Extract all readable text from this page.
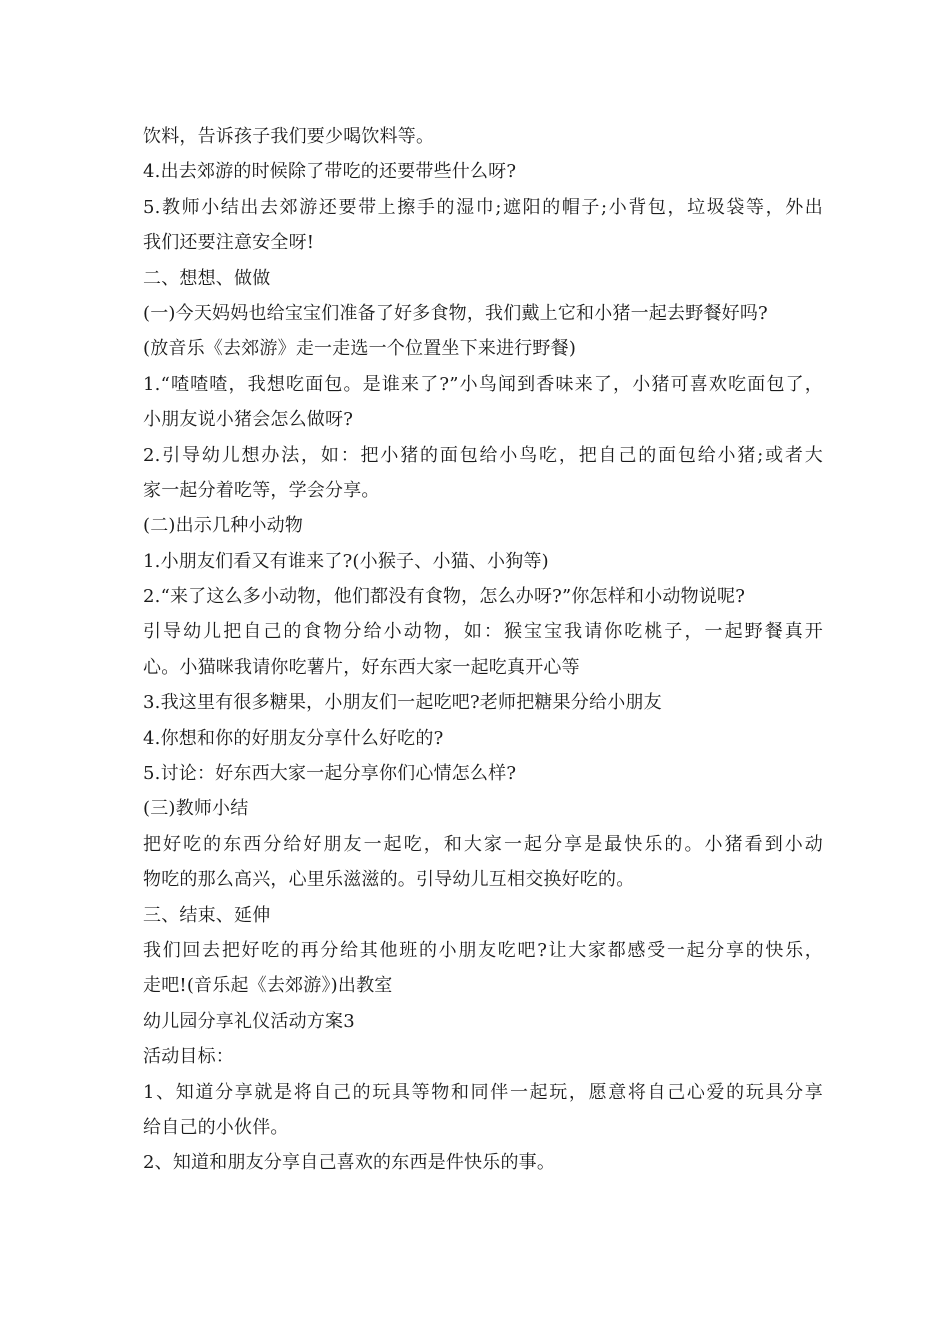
饮料，告诉孩子我们要少喝饮料等。
4.出去郊游的时候除了带吃的还要带些什么呀?
5.教师小结出去郊游还要带上擦手的湿巾;遮阳的帽子;小背包，垃圾袋等，外出
我们还要注意安全呀!
二、想想、做做
(一)今天妈妈也给宝宝们准备了好多食物，我们戴上它和小猪一起去野餐好吗?
(放音乐《去郊游》走一走选一个位置坐下来进行野餐)
1.“喳喳喳，我想吃面包。是谁来了?”小鸟闻到香味来了，小猪可喜欢吃面包了，
小朋友说小猪会怎么做呀?
2.引导幼儿想办法，如：把小猪的面包给小鸟吃，把自己的面包给小猪;或者大
家一起分着吃等，学会分享。
(二)出示几种小动物
1.小朋友们看又有谁来了?(小猴子、小猫、小狗等)
2.“来了这么多小动物，他们都没有食物，怎么办呀?”你怎样和小动物说呢?
引导幼儿把自己的食物分给小动物，如：猴宝宝我请你吃桃子，一起野餐真开
心。小猫咪我请你吃薯片，好东西大家一起吃真开心等
3.我这里有很多糖果，小朋友们一起吃吧?老师把糖果分给小朋友
4.你想和你的好朋友分享什么好吃的?
5.讨论：好东西大家一起分享你们心情怎么样?
(三)教师小结
把好吃的东西分给好朋友一起吃，和大家一起分享是最快乐的。小猪看到小动
物吃的那么高兴，心里乐滋滋的。引导幼儿互相交换好吃的。
三、结束、延伸
我们回去把好吃的再分给其他班的小朋友吃吧?让大家都感受一起分享的快乐，
走吧!(音乐起《去郊游》)出教室
幼儿园分享礼仪活动方案3
活动目标：
1、知道分享就是将自己的玩具等物和同伴一起玩，愿意将自己心爱的玩具分享
给自己的小伙伴。
2、知道和朋友分享自己喜欢的东西是件快乐的事。
